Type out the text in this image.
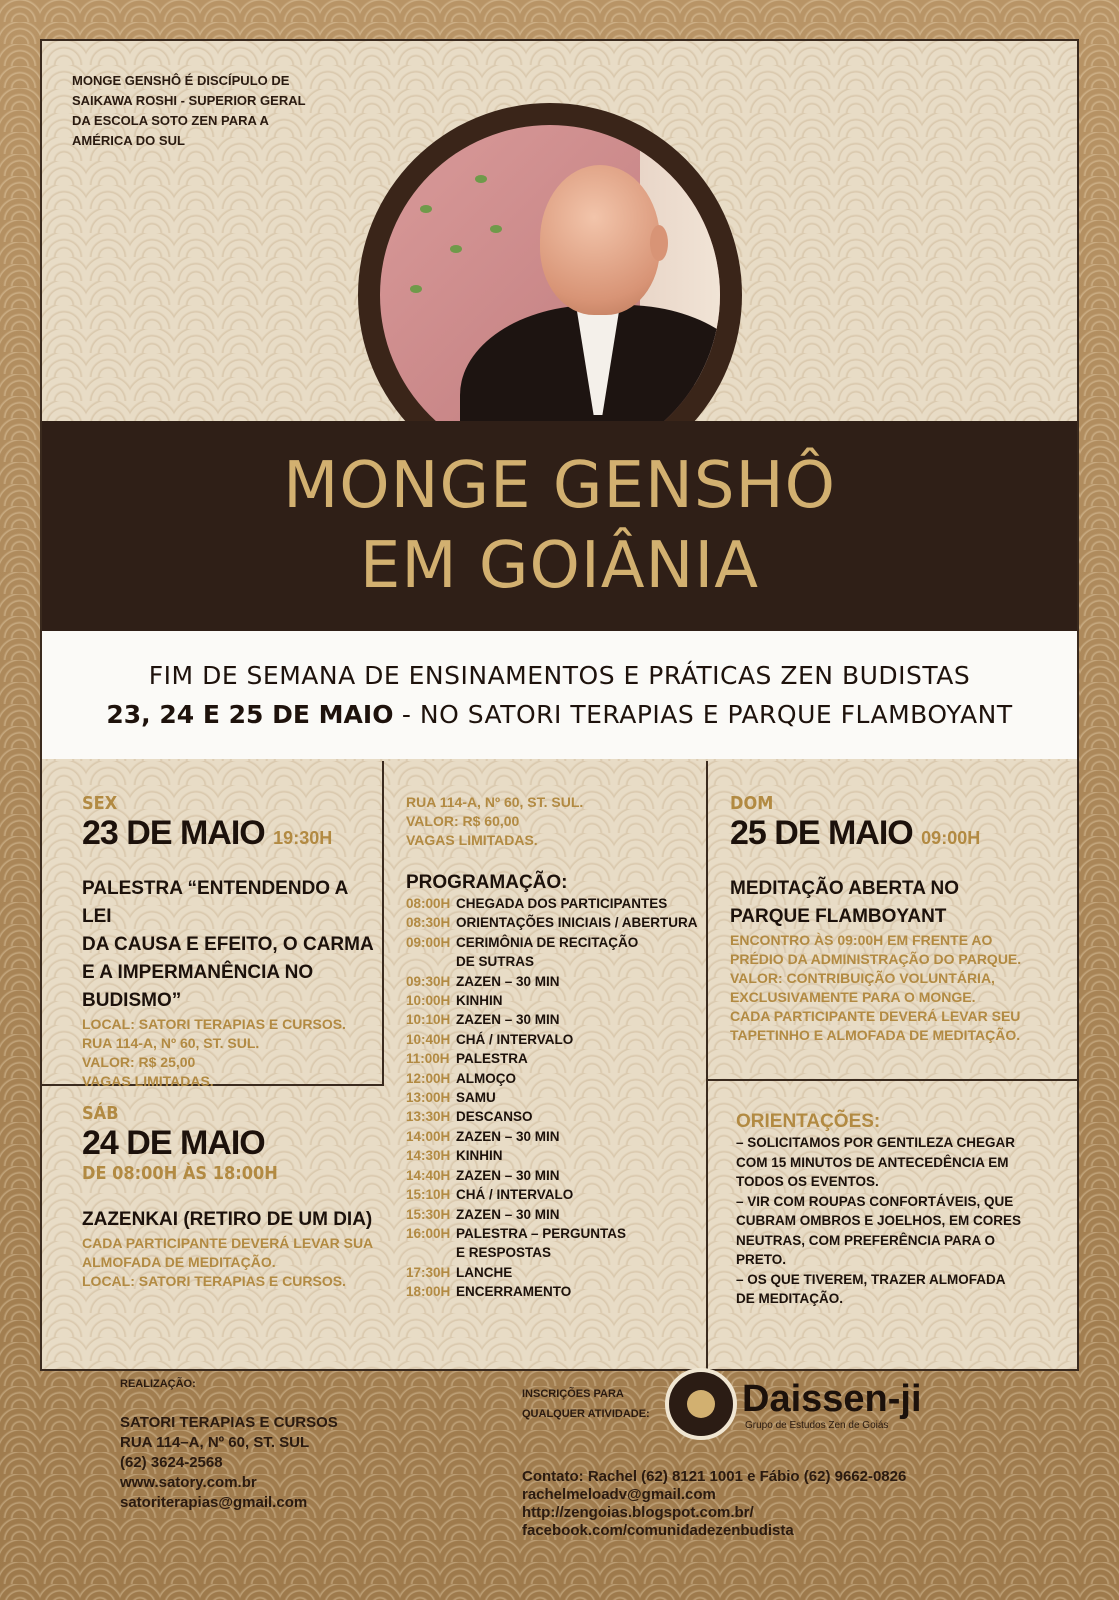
MONGE GENSHÔ É DISCÍPULO DE
SAIKAWA ROSHI - SUPERIOR GERAL
DA ESCOLA SOTO ZEN PARA A
AMÉRICA DO SUL
MONGE GENSHÔ
EM GOIÂNIA
FIM DE SEMANA DE ENSINAMENTOS E PRÁTICAS ZEN BUDISTAS
23, 24 E 25 DE MAIO - NO SATORI TERAPIAS E PARQUE FLAMBOYANT
SEX
23 DE MAIO 19:30H
PALESTRA “ENTENDENDO A LEI
DA CAUSA E EFEITO, O CARMA
E A IMPERMANÊNCIA NO
BUDISMO”
LOCAL: SATORI TERAPIAS E CURSOS.
RUA 114-A, Nº 60, ST. SUL.
VALOR: R$ 25,00
VAGAS LIMITADAS.
SÁB
24 DE MAIO
DE 08:00H ÀS 18:00H
ZAZENKAI (RETIRO DE UM DIA)
CADA PARTICIPANTE DEVERÁ LEVAR SUA
ALMOFADA DE MEDITAÇÃO.
LOCAL: SATORI TERAPIAS E CURSOS.
RUA 114-A, Nº 60, ST. SUL.
VALOR: R$ 60,00
VAGAS LIMITADAS.
PROGRAMAÇÃO:
08:00H CHEGADA DOS PARTICIPANTES
08:30H ORIENTAÇÕES INICIAIS / ABERTURA
09:00H CERIMÔNIA DE RECITAÇÃO
DE SUTRAS
09:30H ZAZEN – 30 MIN
10:00H KINHIN
10:10H ZAZEN – 30 MIN
10:40H CHÁ / INTERVALO
11:00H PALESTRA
12:00H ALMOÇO
13:00H SAMU
13:30H DESCANSO
14:00H ZAZEN – 30 MIN
14:30H KINHIN
14:40H ZAZEN – 30 MIN
15:10H CHÁ / INTERVALO
15:30H ZAZEN – 30 MIN
16:00H PALESTRA – PERGUNTAS
E RESPOSTAS
17:30H LANCHE
18:00H ENCERRAMENTO
DOM
25 DE MAIO 09:00H
MEDITAÇÃO ABERTA NO
PARQUE FLAMBOYANT
ENCONTRO ÀS 09:00H EM FRENTE AO
PRÉDIO DA ADMINISTRAÇÃO DO PARQUE.
VALOR: CONTRIBUIÇÃO VOLUNTÁRIA,
EXCLUSIVAMENTE PARA O MONGE.
CADA PARTICIPANTE DEVERÁ LEVAR SEU
TAPETINHO E ALMOFADA DE MEDITAÇÃO.
ORIENTAÇÕES:
– SOLICITAMOS POR GENTILEZA CHEGAR
COM 15 MINUTOS DE ANTECEDÊNCIA EM
TODOS OS EVENTOS.
– VIR COM ROUPAS CONFORTÁVEIS, QUE
CUBRAM OMBROS E JOELHOS, EM CORES
NEUTRAS, COM PREFERÊNCIA PARA O
PRETO.
– OS QUE TIVEREM, TRAZER ALMOFADA
DE MEDITAÇÃO.
REALIZAÇÃO:
SATORI TERAPIAS E CURSOS
RUA 114–A, Nº 60, ST. SUL
(62) 3624-2568
www.satory.com.br
satoriterapias@gmail.com
INSCRIÇÕES PARA
QUALQUER ATIVIDADE: Daissen-ji
Grupo de Estudos Zen de Goiás
Contato: Rachel (62) 8121 1001 e Fábio (62) 9662-0826
rachelmeloadv@gmail.com
http://zengoias.blogspot.com.br/
facebook.com/comunidadezenbudista
